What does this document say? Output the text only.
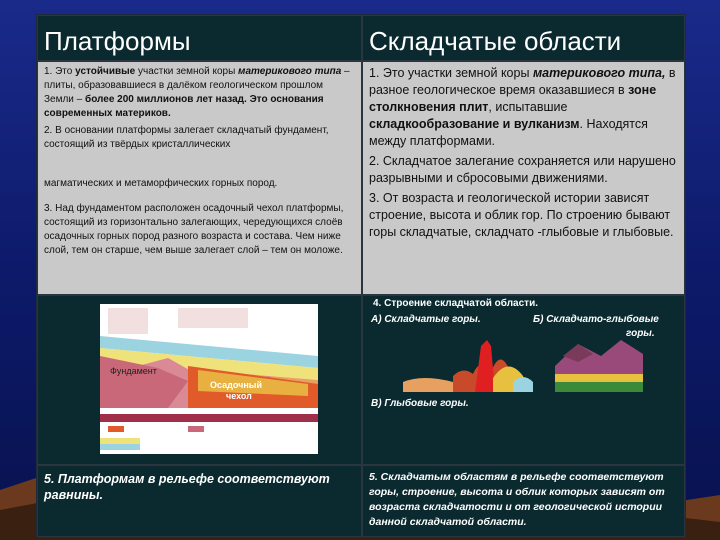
Платформы	Складчатые области

1. Это устойчивые участки земной коры материкового типа – плиты, образовавшиеся в далёком геологическом прошлом Земли – более 200 миллионов лет назад. Это основания современных материков.

2. В основании платформы залегает складчатый фундамент, состоящий из твёрдых кристаллических

магматических и метаморфических горных пород.

3. Над фундаментом расположен осадочный чехол платформы, состоящий из горизонтально залегающих, чередующихся слоёв осадочных горных пород разного возраста и состава. Чем ниже слой, тем он старше, чем выше залегает слой – тем он моложе.

1. Это участки земной коры материкового типа, в разное геологическое время оказавшиеся в зоне столкновения плит, испытавшие складкообразование и вулканизм. Находятся между платформами.

2. Складчатое залегание сохраняется или нарушено разрывными и сбросовыми движениями.

3. От возраста и геологической истории зависят строение, высота и облик гор. По строению бывают горы складчатые, складчато -глыбовые и глыбовые.

Фундамент
Осадочный
чехол
4. Строение складчатой области.
А) Складчатые горы.	Б) Складчато-глыбовые
горы.
В) Глыбовые горы.
5. Платформам в рельефе соответствуют равнины.
5. Складчатым областям в рельефе соответствуют горы, строение, высота и облик которых зависят от возраста складчатости и от геологической истории данной складчатой области.
